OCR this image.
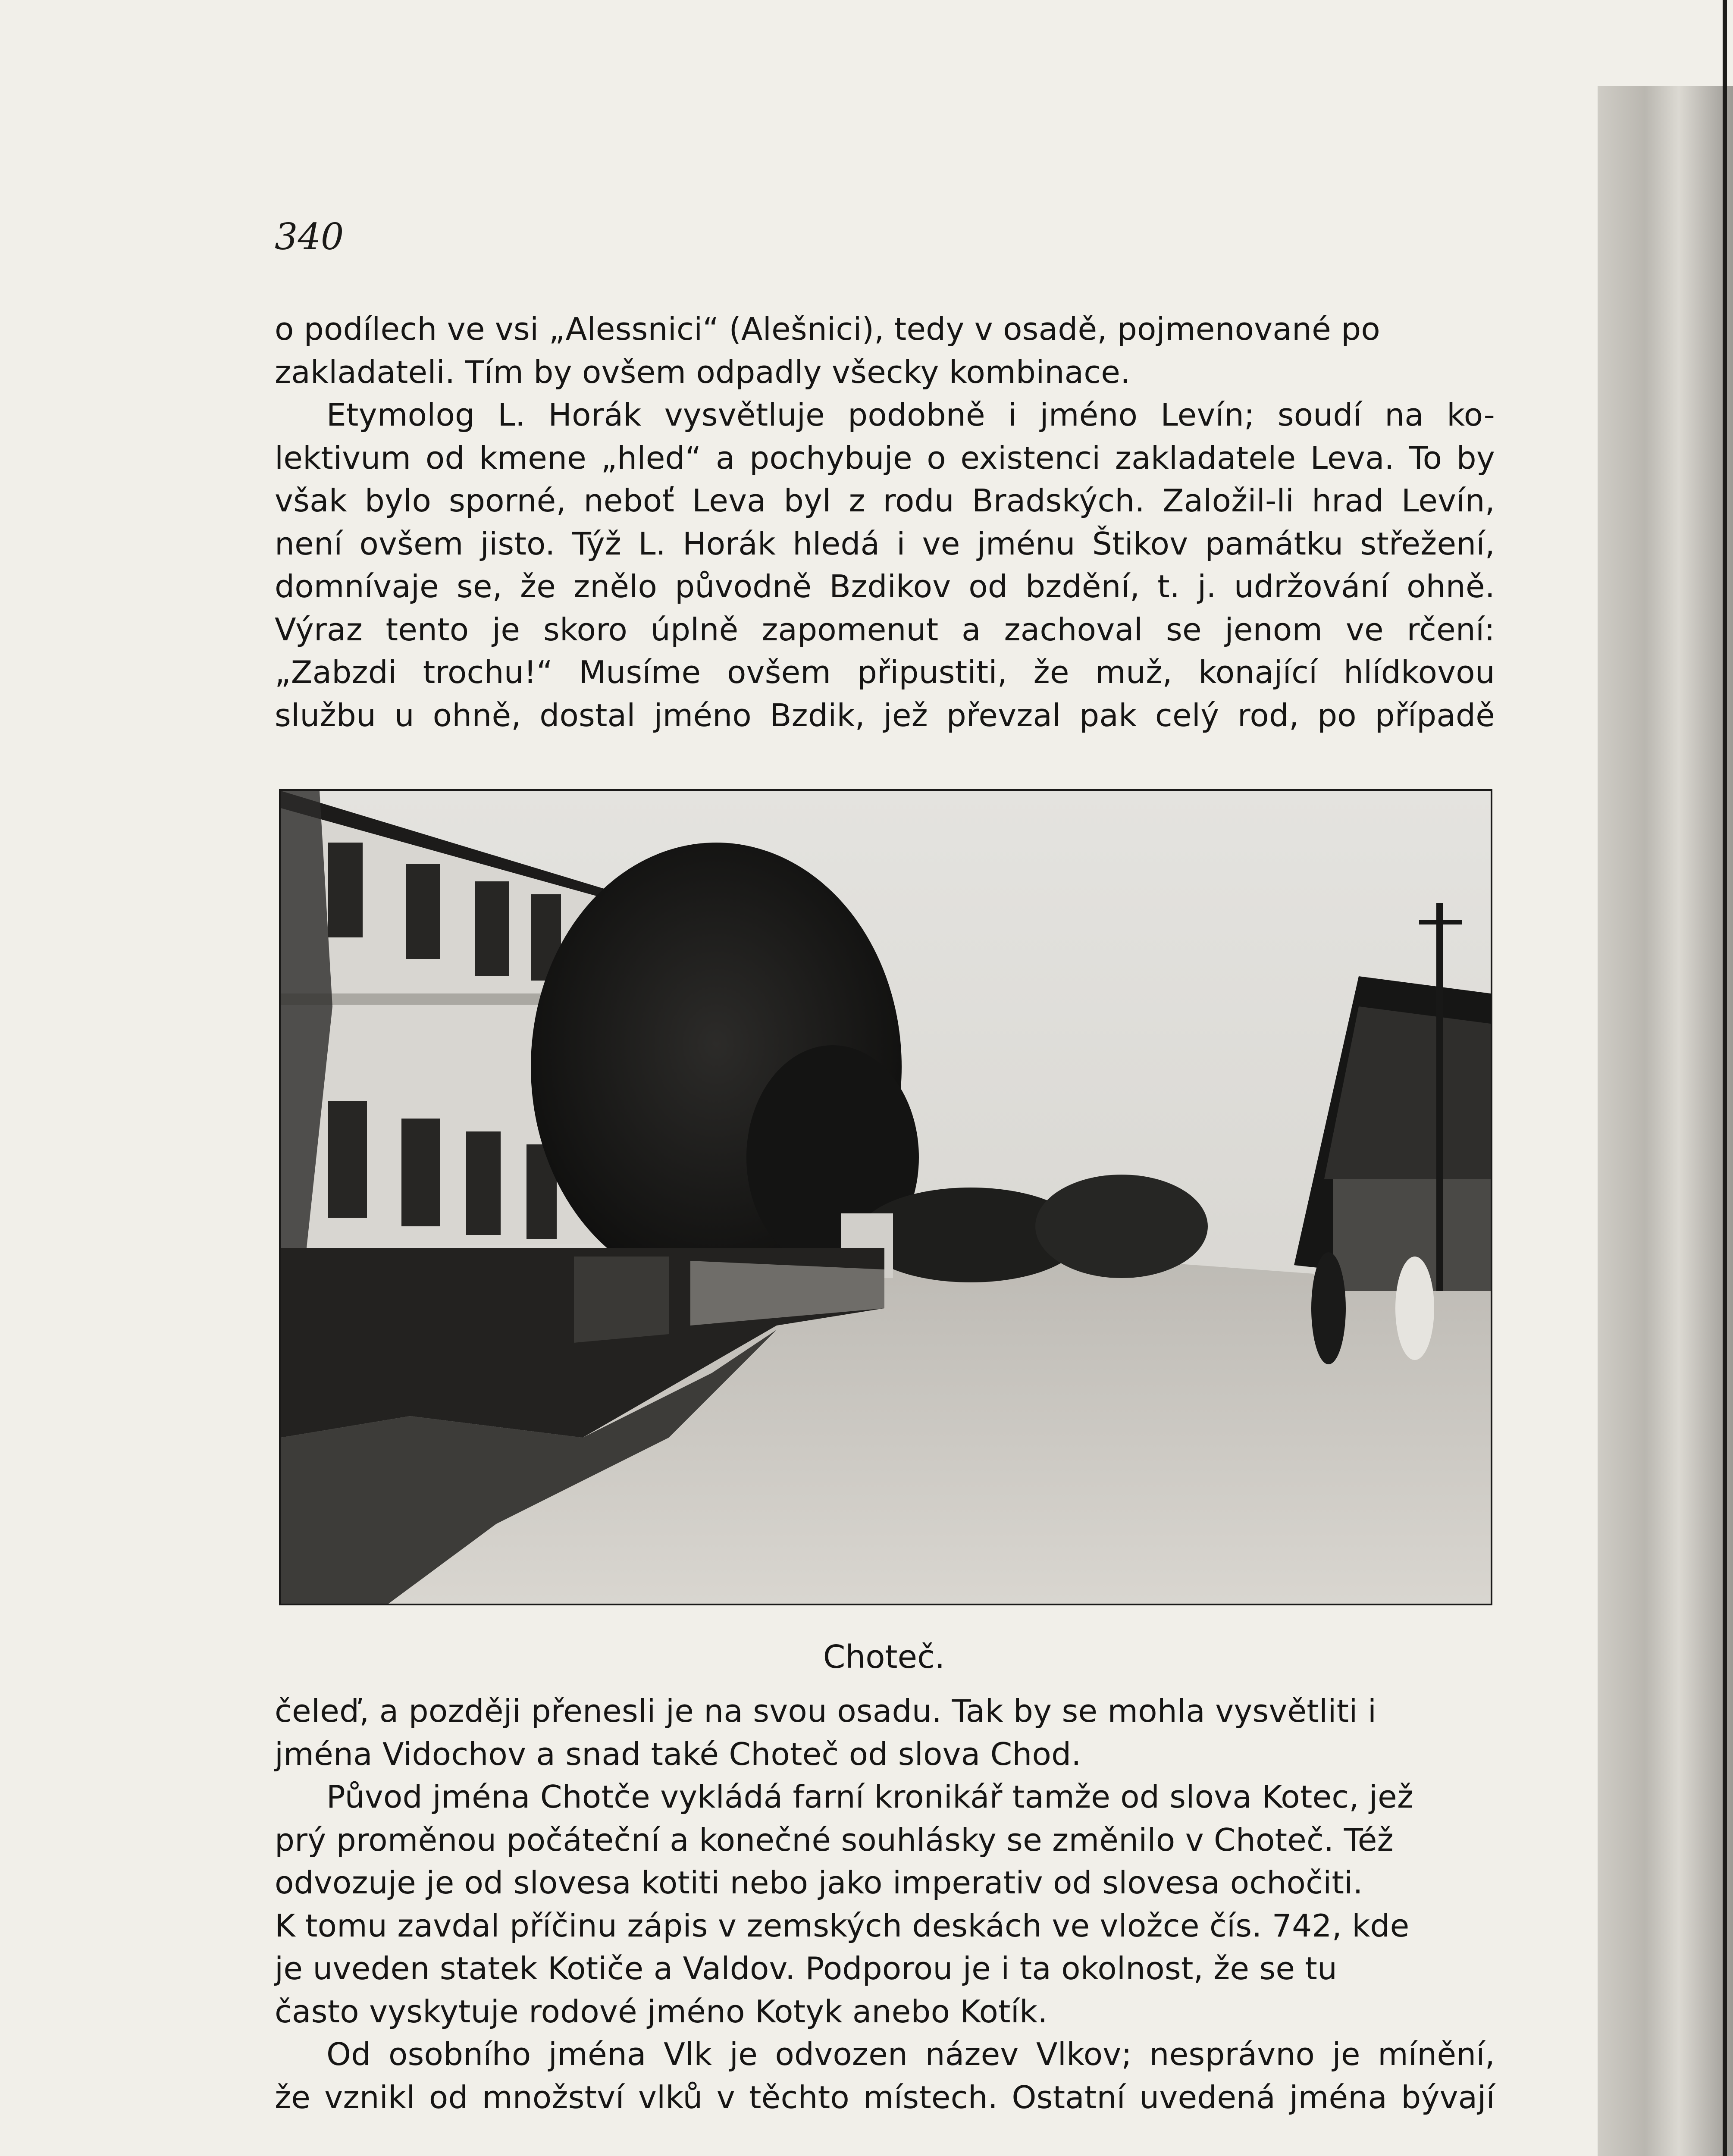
340

o podílech ve vsi „Alessnici“ (Alešnici), tedy v osadě, pojmenované po
zakladateli. Tím by ovšem odpadly všecky kombinace.

Etymolog L. Horák vysvětluje podobně i jméno Levín; soudí na ko-
lektivum od kmene „hled“ a pochybuje o existenci zakladatele Leva. To by
však bylo sporné, neboť Leva byl z rodu Bradských. Založil-li hrad Levín,
není ovšem jisto. Týž L. Horák hledá i ve jménu Štikov památku střežení,
domnívaje se, že znělo původně Bzdikov od bzdění, t. j. udržování ohně.
Výraz tento je skoro úplně zapomenut a zachoval se jenom ve rčení:
„Zabzdi trochu!“ Musíme ovšem připustiti, že muž, konající hlídkovou
službu u ohně, dostal jméno Bzdik, jež převzal pak celý rod, po případě

Choteč.

čeleď, a později přenesli je na svou osadu. Tak by se mohla vysvětliti i
jména Vidochov a snad také Choteč od slova Chod.

Původ jména Chotče vykládá farní kronikář tamže od slova Kotec, jež
prý proměnou počáteční a konečné souhlásky se změnilo v Choteč. Též
odvozuje je od slovesa kotiti nebo jako imperativ od slovesa ochočiti.
K tomu zavdal příčinu zápis v zemských deskách ve vložce čís. 742, kde
je uveden statek Kotiče a Valdov. Podporou je i ta okolnost, že se tu
často vyskytuje rodové jméno Kotyk anebo Kotík.

Od osobního jména Vlk je odvozen název Vlkov; nesprávno je mínění,
že vznikl od množství vlků v těchto místech. Ostatní uvedená jména bývají
